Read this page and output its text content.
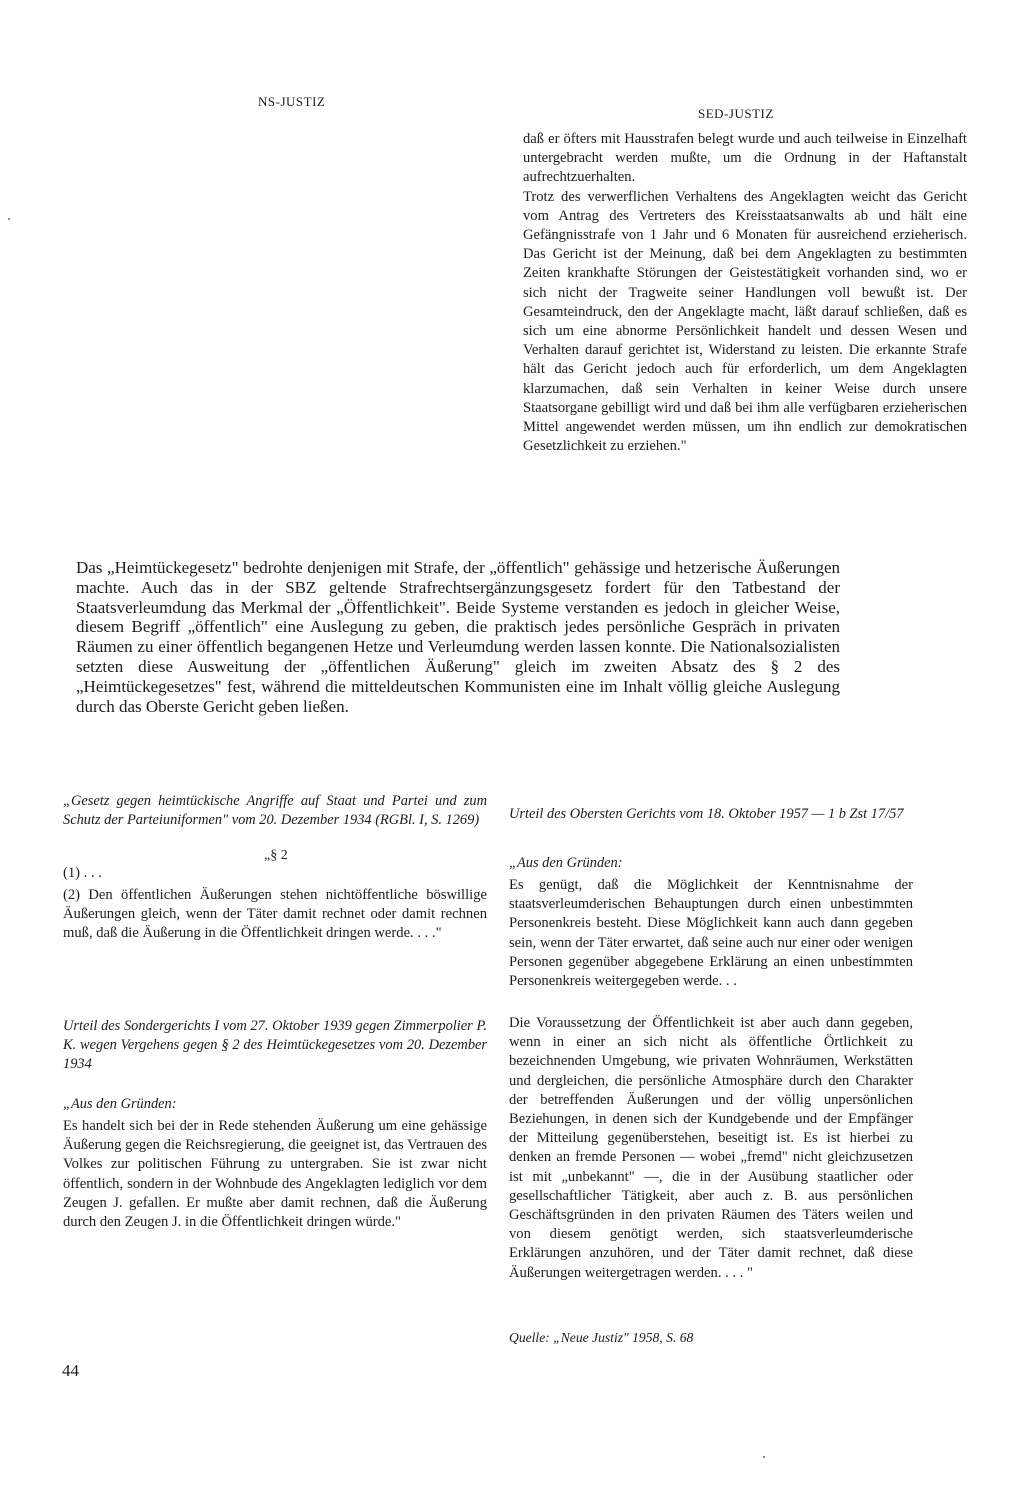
NS-JUSTIZ
SED-JUSTIZ

daß er öfters mit Hausstrafen belegt wurde und auch teilweise in Einzelhaft untergebracht werden mußte, um die Ordnung in der Haftanstalt aufrechtzuerhalten.

Trotz des verwerflichen Verhaltens des Angeklagten weicht das Gericht vom Antrag des Vertreters des Kreisstaatsanwalts ab und hält eine Gefängnisstrafe von 1 Jahr und 6 Monaten für ausreichend erzieherisch. Das Gericht ist der Meinung, daß bei dem Angeklagten zu bestimmten Zeiten krankhafte Störungen der Geistestätigkeit vorhanden sind, wo er sich nicht der Tragweite seiner Handlungen voll bewußt ist. Der Gesamteindruck, den der Angeklagte macht, läßt darauf schließen, daß es sich um eine abnorme Persönlichkeit handelt und dessen Wesen und Verhalten darauf gerichtet ist, Widerstand zu leisten. Die erkannte Strafe hält das Gericht jedoch auch für erforderlich, um dem Angeklagten klarzumachen, daß sein Verhalten in keiner Weise durch unsere Staatsorgane gebilligt wird und daß bei ihm alle verfügbaren erzieherischen Mittel angewendet werden müssen, um ihn endlich zur demokratischen Gesetzlichkeit zu erziehen."

Das „Heimtückegesetz" bedrohte denjenigen mit Strafe, der „öffentlich" gehässige und hetzerische Äußerungen machte. Auch das in der SBZ geltende Strafrechtsergänzungsgesetz fordert für den Tatbestand der Staatsverleumdung das Merkmal der „Öffentlichkeit". Beide Systeme verstanden es jedoch in gleicher Weise, diesem Begriff „öffentlich" eine Auslegung zu geben, die praktisch jedes persönliche Gespräch in privaten Räumen zu einer öffentlich begangenen Hetze und Verleumdung werden lassen konnte. Die Nationalsozialisten setzten diese Ausweitung der „öffentlichen Äußerung" gleich im zweiten Absatz des § 2 des „Heimtückegesetzes" fest, während die mitteldeutschen Kommunisten eine im Inhalt völlig gleiche Auslegung durch das Oberste Gericht geben ließen.

„Gesetz gegen heimtückische Angriffe auf Staat und Partei und zum Schutz der Parteiuniformen" vom 20. Dezember 1934 (RGBl. I, S. 1269)
„§ 2
(1) . . .
(2) Den öffentlichen Äußerungen stehen nichtöffentliche böswillige Äußerungen gleich, wenn der Täter damit rechnet oder damit rechnen muß, daß die Äußerung in die Öffentlichkeit dringen werde. . . ."
Urteil des Sondergerichts I vom 27. Oktober 1939 gegen Zimmerpolier P. K. wegen Vergehens gegen § 2 des Heimtückegesetzes vom 20. Dezember 1934
„Aus den Gründen:
Es handelt sich bei der in Rede stehenden Äußerung um eine gehässige Äußerung gegen die Reichsregierung, die geeignet ist, das Vertrauen des Volkes zur politischen Führung zu untergraben. Sie ist zwar nicht öffentlich, sondern in der Wohnbude des Angeklagten lediglich vor dem Zeugen J. gefallen. Er mußte aber damit rechnen, daß die Äußerung durch den Zeugen J. in die Öffentlichkeit dringen würde."
Urteil des Obersten Gerichts vom 18. Oktober 1957 — 1 b Zst 17/57
„Aus den Gründen:
Es genügt, daß die Möglichkeit der Kenntnisnahme der staatsverleumderischen Behauptungen durch einen unbestimmten Personenkreis besteht. Diese Möglichkeit kann auch dann gegeben sein, wenn der Täter erwartet, daß seine auch nur einer oder wenigen Personen gegenüber abgegebene Erklärung an einen unbestimmten Personenkreis weitergegeben werde. . .
Die Voraussetzung der Öffentlichkeit ist aber auch dann gegeben, wenn in einer an sich nicht als öffentliche Örtlichkeit zu bezeichnenden Umgebung, wie privaten Wohnräumen, Werkstätten und dergleichen, die persönliche Atmosphäre durch den Charakter der betreffenden Äußerungen und der völlig unpersönlichen Beziehungen, in denen sich der Kundgebende und der Empfänger der Mitteilung gegenüberstehen, beseitigt ist. Es ist hierbei zu denken an fremde Personen — wobei „fremd" nicht gleichzusetzen ist mit „unbekannt" —, die in der Ausübung staatlicher oder gesellschaftlicher Tätigkeit, aber auch z. B. aus persönlichen Geschäftsgründen in den privaten Räumen des Täters weilen und von diesem genötigt werden, sich staatsverleumderische Erklärungen anzuhören, und der Täter damit rechnet, daß diese Äußerungen weitergetragen werden. . . . "
Quelle: „Neue Justiz" 1958, S. 68
44
